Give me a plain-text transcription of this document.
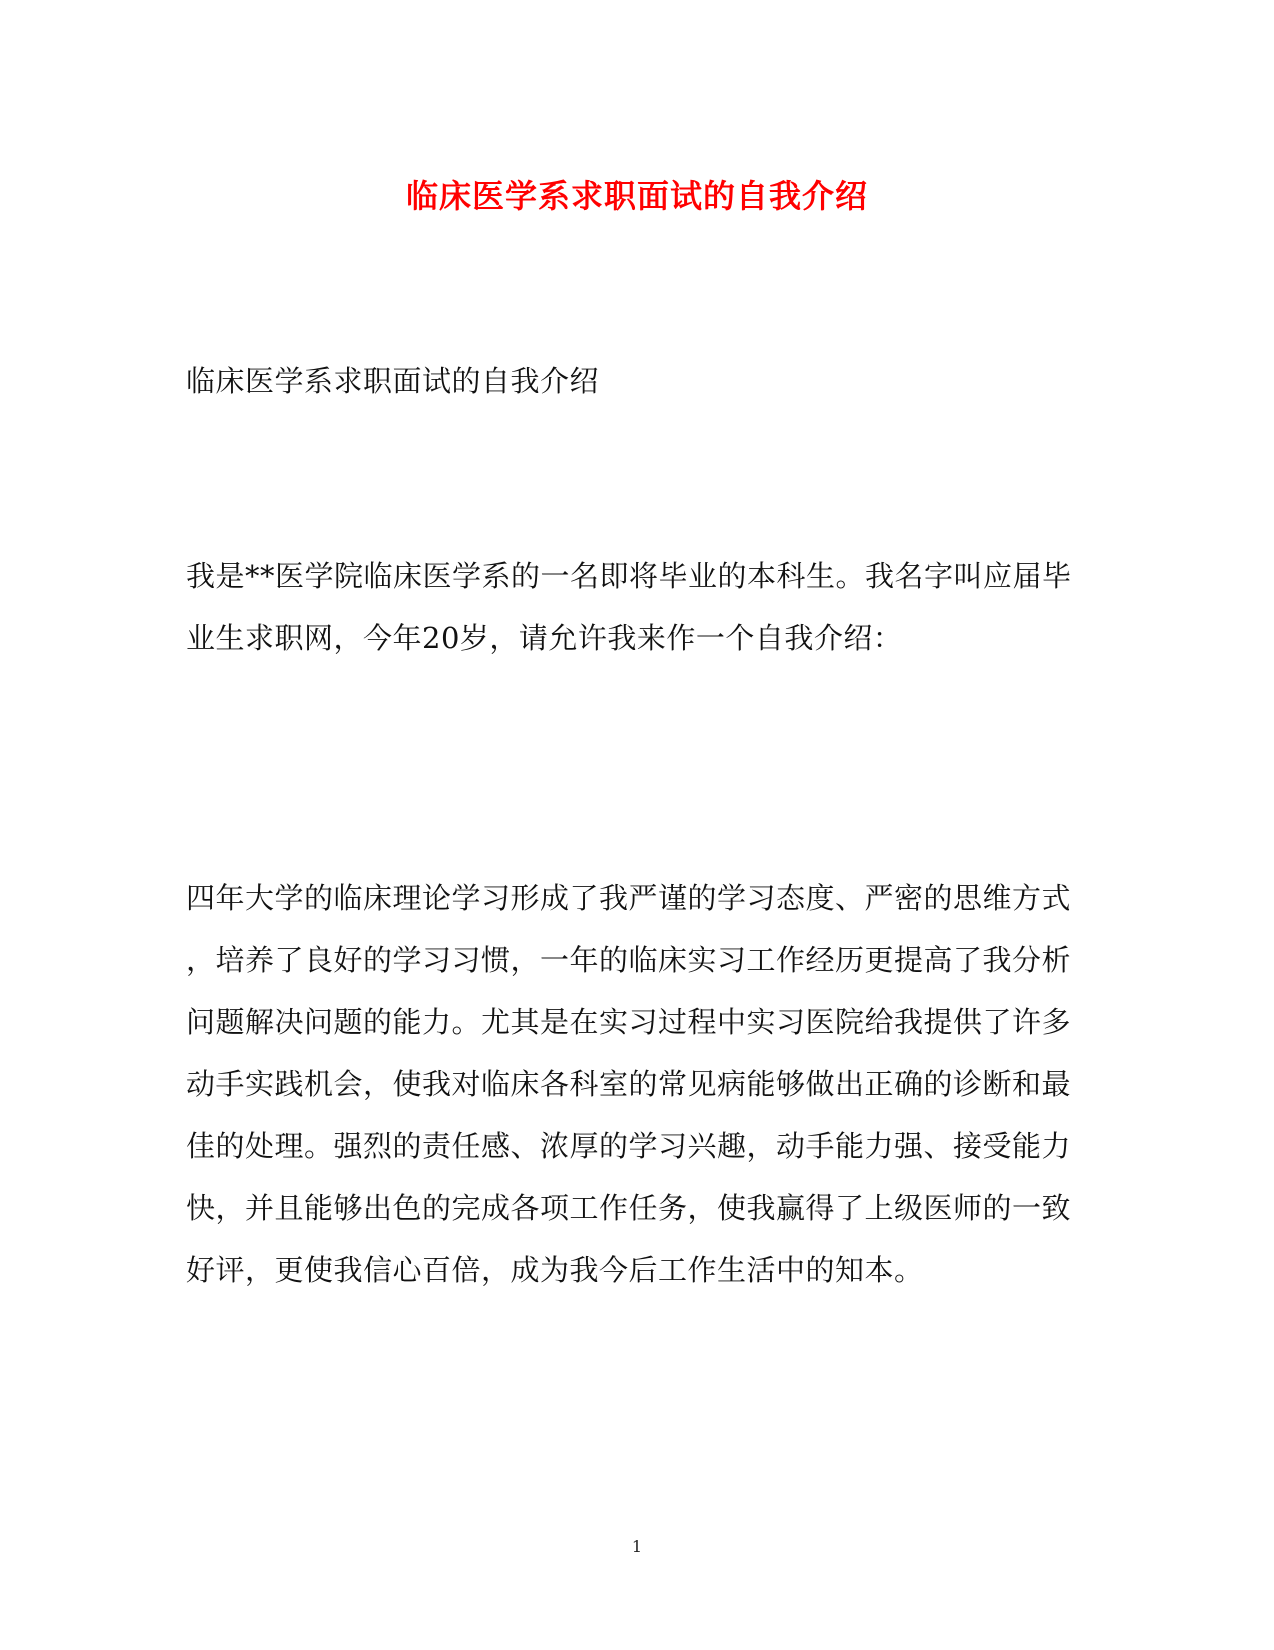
临床医学系求职面试的自我介绍
临床医学系求职面试的自我介绍
我是**医学院临床医学系的一名即将毕业的本科生。我名字叫应届毕
业生求职网，今年20岁，请允许我来作一个自我介绍：
四年大学的临床理论学习形成了我严谨的学习态度、严密的思维方式
，培养了良好的学习习惯，一年的临床实习工作经历更提高了我分析
问题解决问题的能力。尤其是在实习过程中实习医院给我提供了许多
动手实践机会，使我对临床各科室的常见病能够做出正确的诊断和最
佳的处理。强烈的责任感、浓厚的学习兴趣，动手能力强、接受能力
快，并且能够出色的完成各项工作任务，使我赢得了上级医师的一致
好评，更使我信心百倍，成为我今后工作生活中的知本。
1
